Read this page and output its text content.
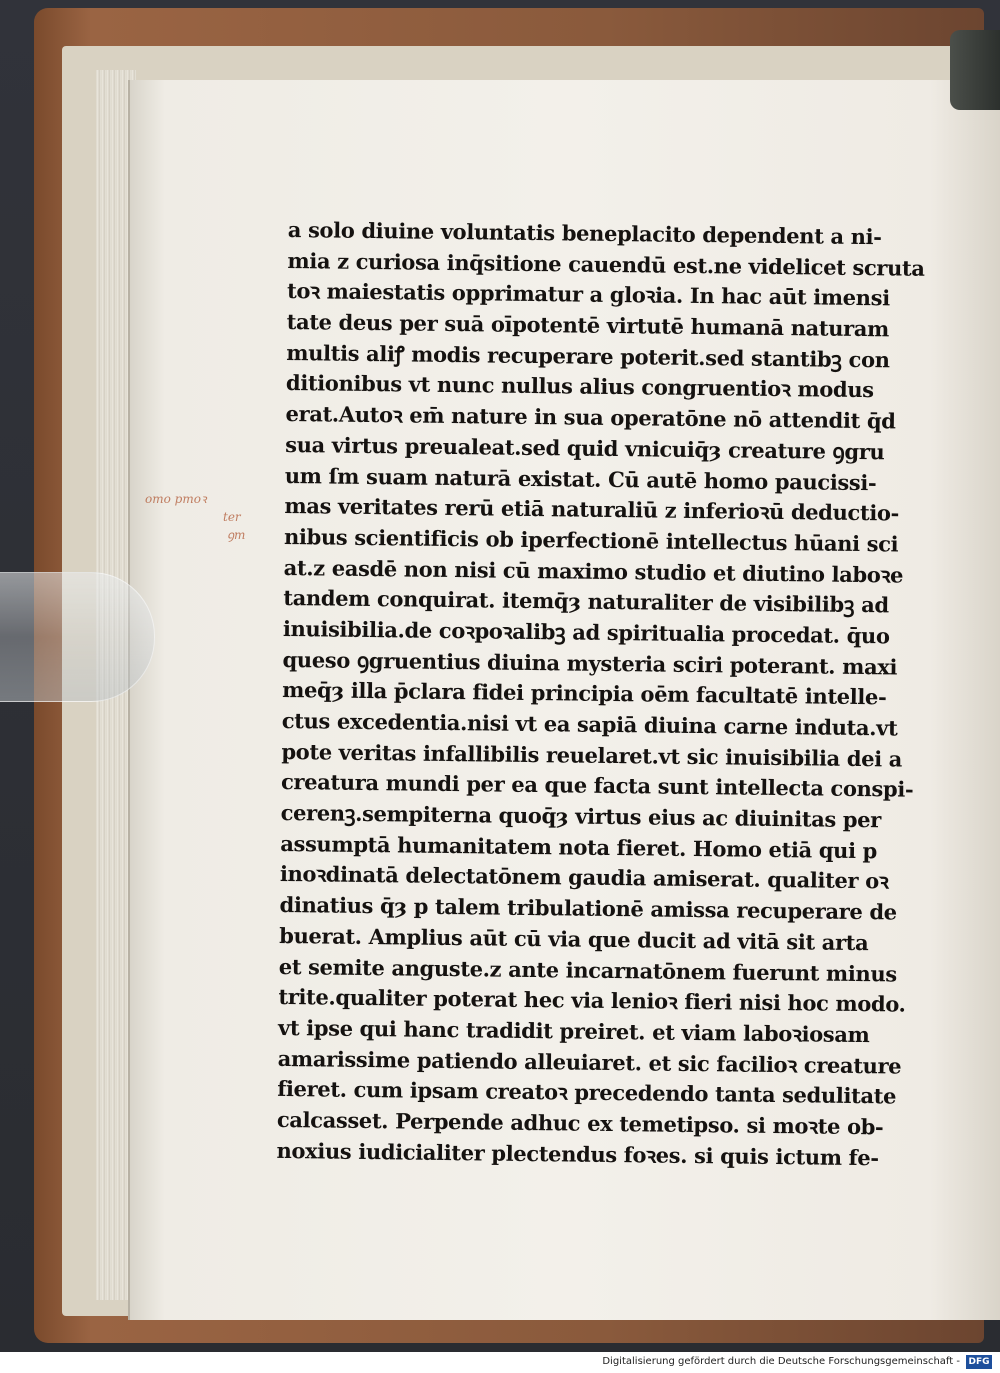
omo pmoꝛ
ter
ꝯm
a solo diuine voluntatis beneplacito dependent a ni-
mia z curiosa inq̄sitione cauendū est.ne videlicet scruta
toꝛ maiestatis opprimatur a gloꝛia. In hac aūt imensi
tate deus per suā oīpotentē virtutē humanā naturam
multis aliꝭ modis recuperare poterit.sed stantibꝫ con
ditionibus vt nunc nullus alius congruentioꝛ modus
erat.Autoꝛ em̄ nature in sua operatōne nō attendit q̄d
sua virtus preualeat.sed quid vnicuiq̄ȝ creature ꝯgru
um ſm suam naturā existat. Cū autē homo paucissi-
mas veritates rerū etiā naturaliū z inferioꝛū deductio-
nibus scientificis ob iperfectionē intellectus hūani sci
at.z easdē non nisi cū maximo studio et diutino laboꝛe
tandem conquirat. itemq̄ȝ naturaliter de visibilibꝫ ad
inuisibilia.de coꝛpoꝛalibꝫ ad spiritualia procedat. q̄uo
queso ꝯgruentius diuina mysteria sciri poterant. maxi
meq̄ȝ illa p̄clara fidei principia oēm facultatē intelle-
ctus excedentia.nisi vt ea sapiā diuina carne induta.vt
pote veritas infallibilis reuelaret.vt sic inuisibilia dei a
creatura mundi per ea que facta sunt intellecta conspi-
cerenꝫ.sempiterna quoq̄ȝ virtus eius ac diuinitas per
assumptā humanitatem nota fieret. Homo etiā qui p
inoꝛdinatā delectatōnem gaudia amiserat. qualiter oꝛ
dinatius q̄ȝ p talem tribulationē amissa recuperare de
buerat. Amplius aūt cū via que ducit ad vitā sit arta
et semite anguste.z ante incarnatōnem fuerunt minus
trite.qualiter poterat hec via lenioꝛ fieri nisi hoc modo.
vt ipse qui hanc tradidit preiret. et viam laboꝛiosam
amarissime patiendo alleuiaret. et sic facilioꝛ creature
fieret. cum ipsam creatoꝛ precedendo tanta sedulitate
calcasset. Perpende adhuc ex temetipso. si moꝛte ob-
noxius iudicialiter plectendus foꝛes. si quis ictum fe-
Digitalisierung gefördert durch die Deutsche Forschungsgemeinschaft - DFG
